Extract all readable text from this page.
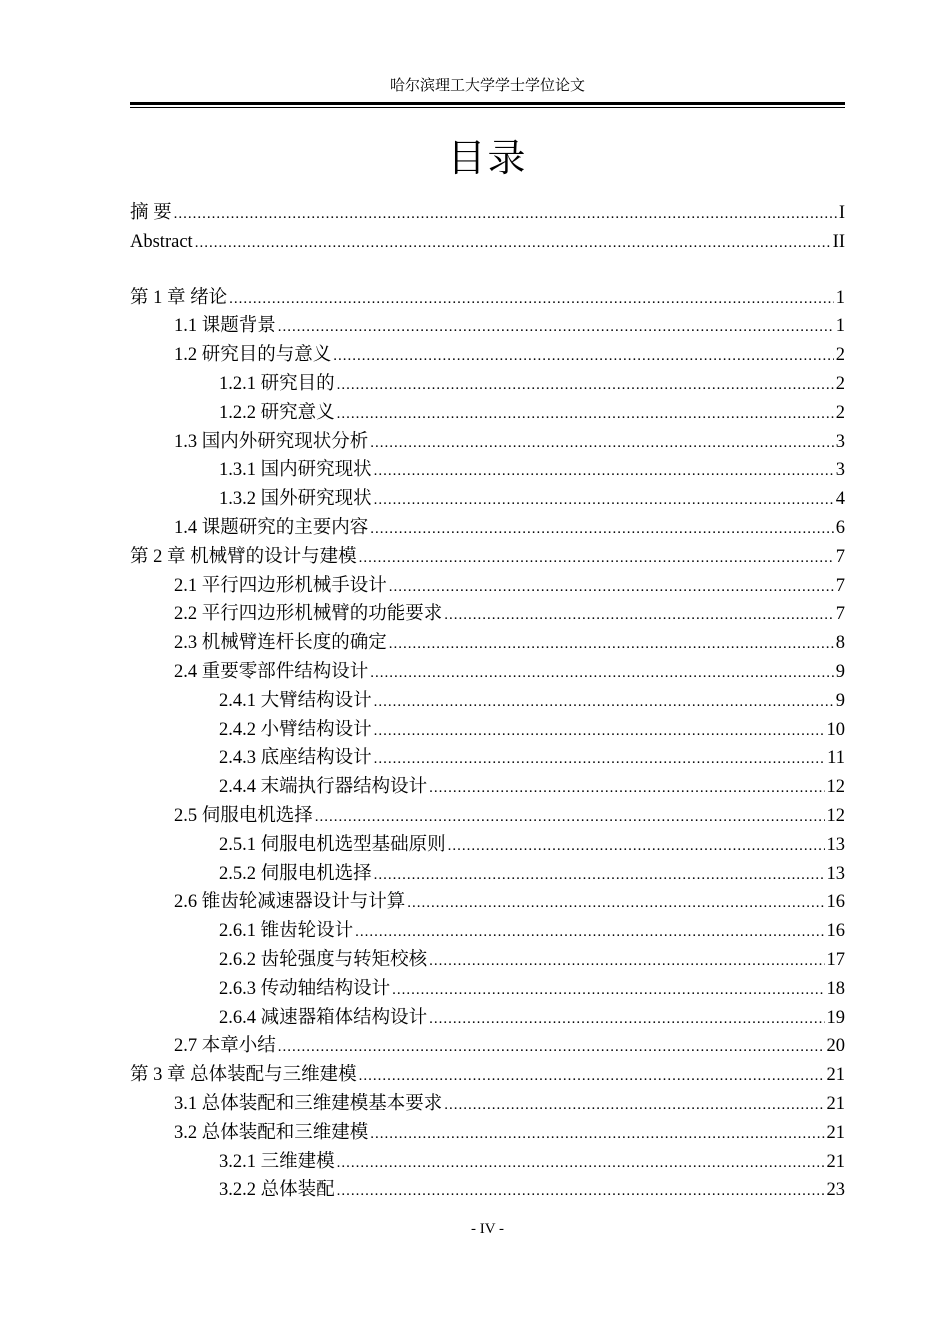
哈尔滨理工大学学士学位论文
目录
摘 要 .....	I
Abstract .....	II
第 1 章 绪论 .....	1
1.1 课题背景 .....	1
1.2 研究目的与意义 .....	2
1.2.1 研究目的 .....	2
1.2.2 研究意义 .....	2
1.3 国内外研究现状分析 .....	3
1.3.1 国内研究现状 .....	3
1.3.2 国外研究现状 .....	4
1.4 课题研究的主要内容 .....	6
第 2 章 机械臂的设计与建模 .....	7
2.1 平行四边形机械手设计 .....	7
2.2 平行四边形机械臂的功能要求 .....	7
2.3 机械臂连杆长度的确定 .....	8
2.4 重要零部件结构设计 .....	9
2.4.1 大臂结构设计 .....	9
2.4.2 小臂结构设计 .....	10
2.4.3 底座结构设计 .....	11
2.4.4 末端执行器结构设计 .....	12
2.5 伺服电机选择 .....	12
2.5.1 伺服电机选型基础原则 .....	13
2.5.2 伺服电机选择 .....	13
2.6 锥齿轮减速器设计与计算 .....	16
2.6.1 锥齿轮设计 .....	16
2.6.2 齿轮强度与转矩校核 .....	17
2.6.3 传动轴结构设计 .....	18
2.6.4 减速器箱体结构设计 .....	19
2.7 本章小结 .....	20
第 3 章 总体装配与三维建模 .....	21
3.1 总体装配和三维建模基本要求 .....	21
3.2 总体装配和三维建模 .....	21
3.2.1 三维建模 .....	21
3.2.2 总体装配 .....	23
- IV -
